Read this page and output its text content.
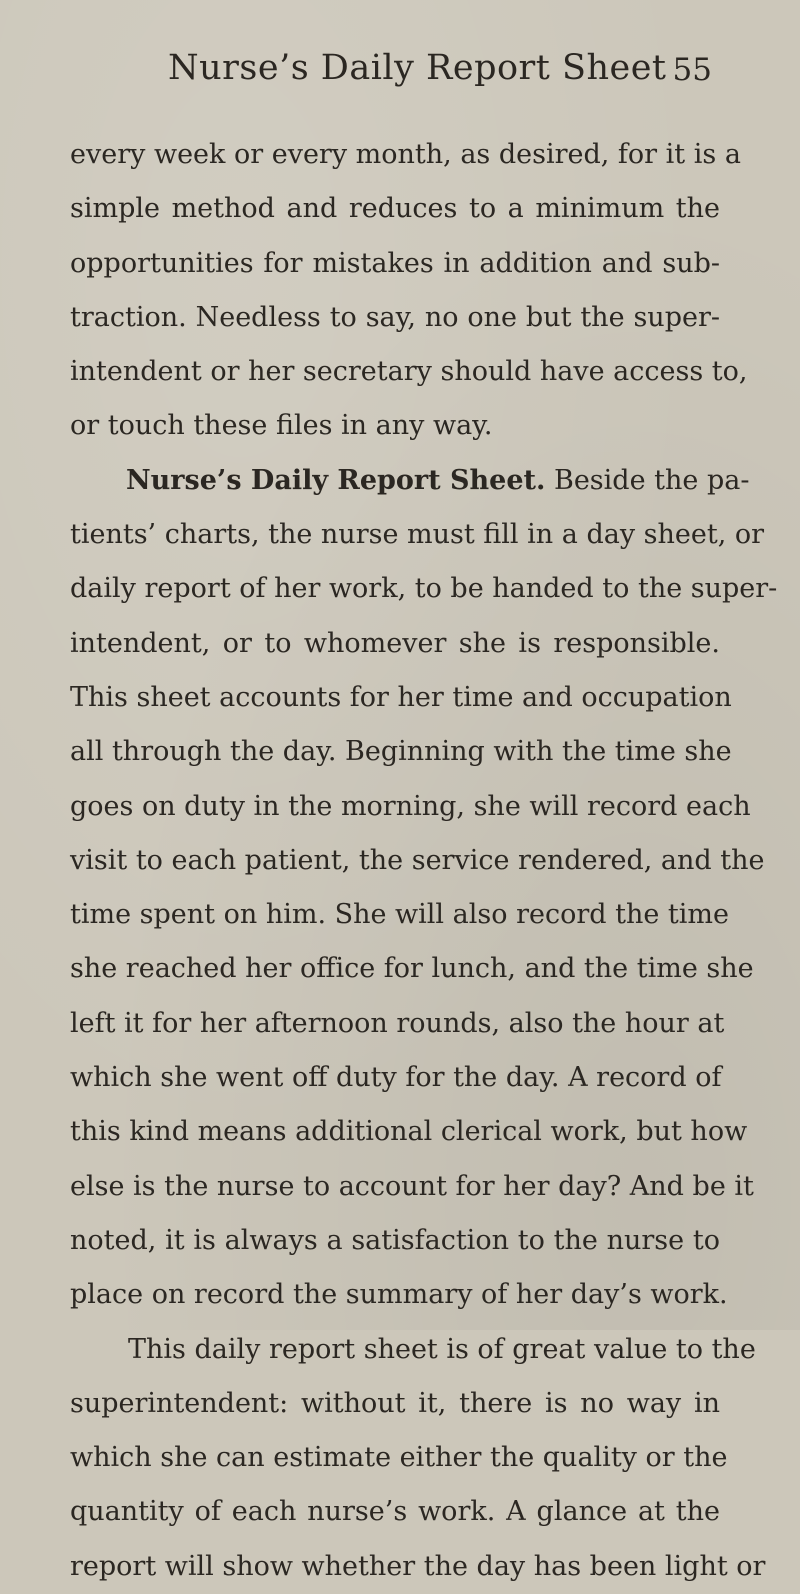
Nurse’s Daily Report Sheet 55
every week or every month, as desired, for it is a
simple method and reduces to a minimum the
opportunities for mistakes in addition and sub-
traction. Needless to say, no one but the super-
intendent or her secretary should have access to,
or touch these files in any way.
Nurse’s Daily Report Sheet. Beside the pa-
tients’ charts, the nurse must fill in a day sheet, or
daily report of her work, to be handed to the super-
intendent, or to whomever she is responsible.
This sheet accounts for her time and occupation
all through the day. Beginning with the time she
goes on duty in the morning, she will record each
visit to each patient, the service rendered, and the
time spent on him. She will also record the time
she reached her office for lunch, and the time she
left it for her afternoon rounds, also the hour at
which she went off duty for the day. A record of
this kind means additional clerical work, but how
else is the nurse to account for her day? And be it
noted, it is always a satisfaction to the nurse to
place on record the summary of her day’s work.
This daily report sheet is of great value to the
superintendent: without it, there is no way in
which she can estimate either the quality or the
quantity of each nurse’s work. A glance at the
report will show whether the day has been light or
